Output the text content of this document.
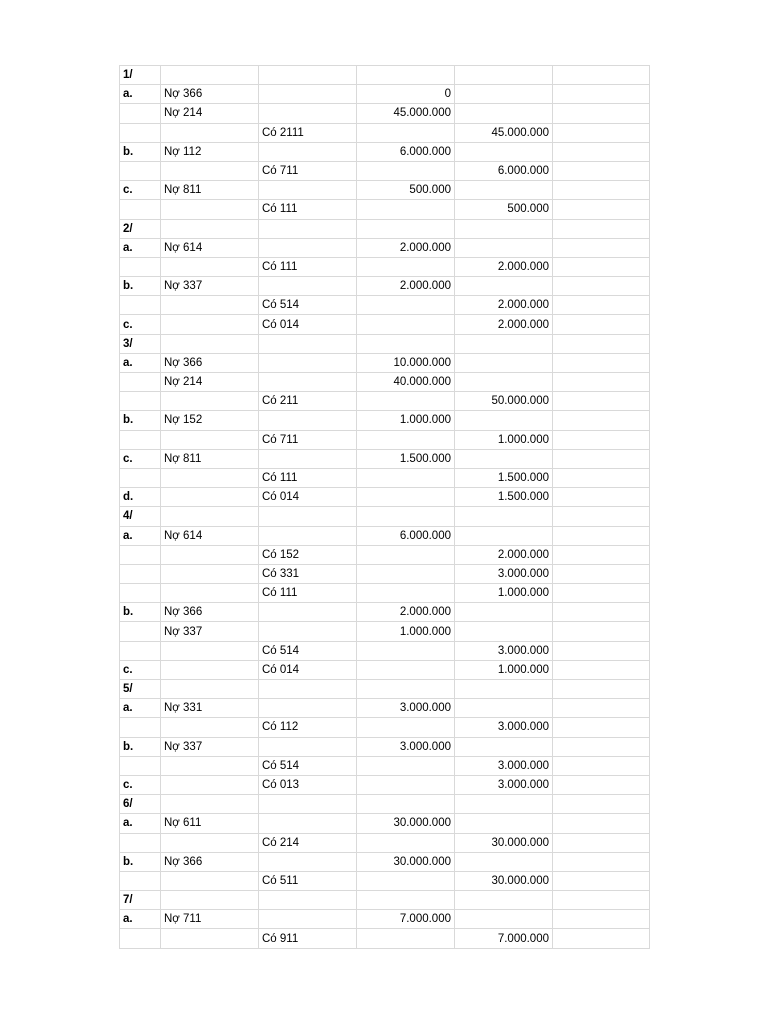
1/					
a.	Nợ 366		0		
	Nợ 214		45.000.000		
		Có 2111		45.000.000	
b.	Nợ 112		6.000.000		
		Có 711		6.000.000	
c.	Nợ 811		500.000		
		Có 111		500.000	
2/					
a.	Nợ 614		2.000.000		
		Có 111		2.000.000	
b.	Nợ 337		2.000.000		
		Có 514		2.000.000	
c.		Có 014		2.000.000	
3/					
a.	Nợ 366		10.000.000		
	Nợ 214		40.000.000		
		Có 211		50.000.000	
b.	Nợ 152		1.000.000		
		Có 711		1.000.000	
c.	Nợ 811		1.500.000		
		Có 111		1.500.000	
d.		Có 014		1.500.000	
4/					
a.	Nợ 614		6.000.000		
		Có 152		2.000.000	
		Có 331		3.000.000	
		Có 111		1.000.000	
b.	Nợ 366		2.000.000		
	Nợ 337		1.000.000		
		Có 514		3.000.000	
c.		Có 014		1.000.000	
5/					
a.	Nợ 331		3.000.000		
		Có 112		3.000.000	
b.	Nợ 337		3.000.000		
		Có 514		3.000.000	
c.		Có 013		3.000.000	
6/					
a.	Nợ 611		30.000.000		
		Có 214		30.000.000	
b.	Nợ 366		30.000.000		
		Có 511		30.000.000	
7/					
a.	Nợ 711		7.000.000		
		Có 911		7.000.000	
